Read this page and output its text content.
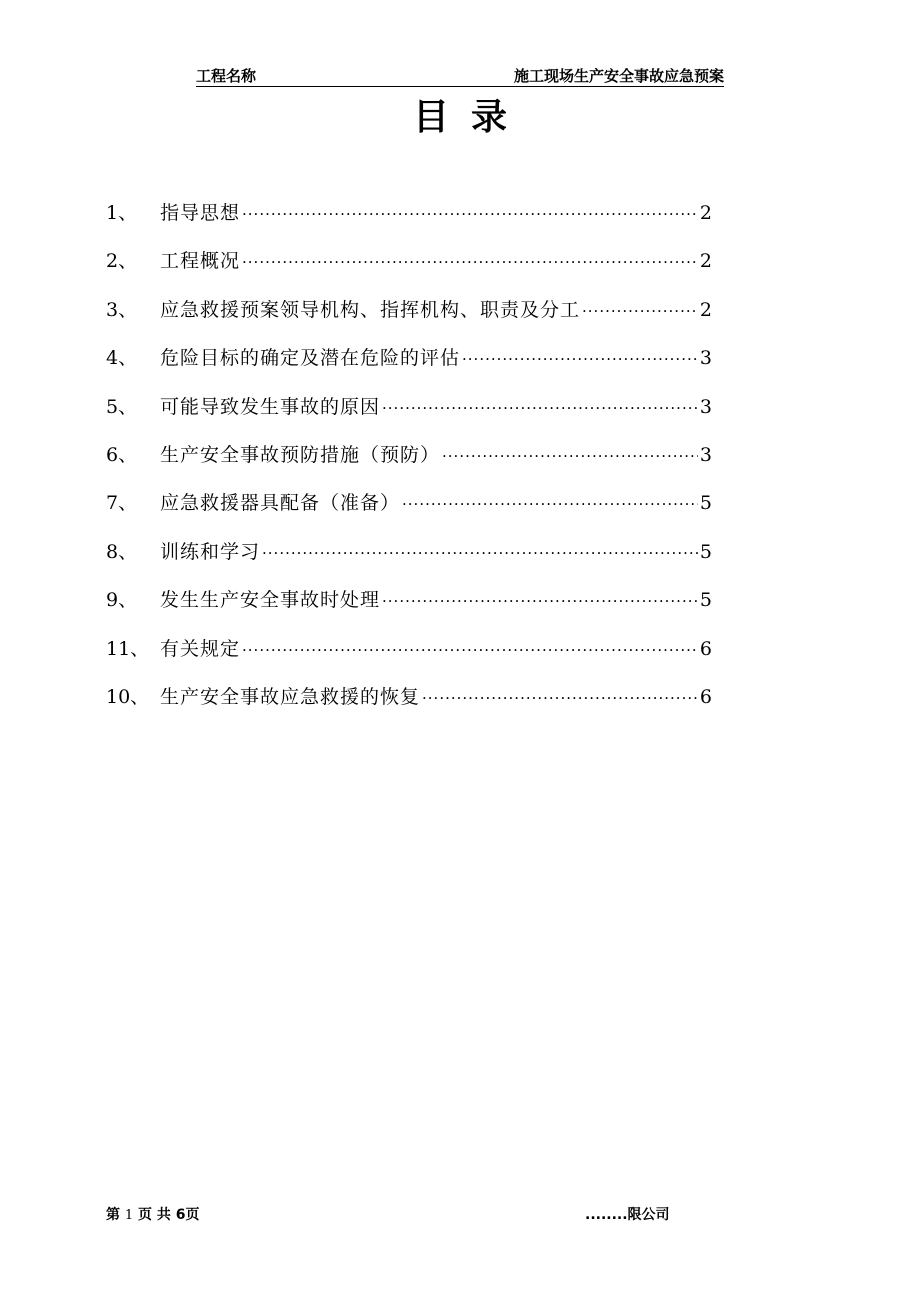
工程名称	施工现场生产安全事故应急预案
目录
1、	指导思想 ·····	2
2、	工程概况 ·····	2
3、	应急救援预案领导机构、指挥机构、职责及分工 ·····	2
4、	危险目标的确定及潜在危险的评估 ·····	3
5、	可能导致发生事故的原因 ·····	3
6、	生产安全事故预防措施（预防） ·····	3
7、	应急救援器具配备（准备） ·····	5
8、	训练和学习 ·····	5
9、	发生生产安全事故时处理 ·····	5
11、 有关规定 ·····	6
10、 生产安全事故应急救援的恢复 ·····	6
第 1 页 共 6页	........限公司
